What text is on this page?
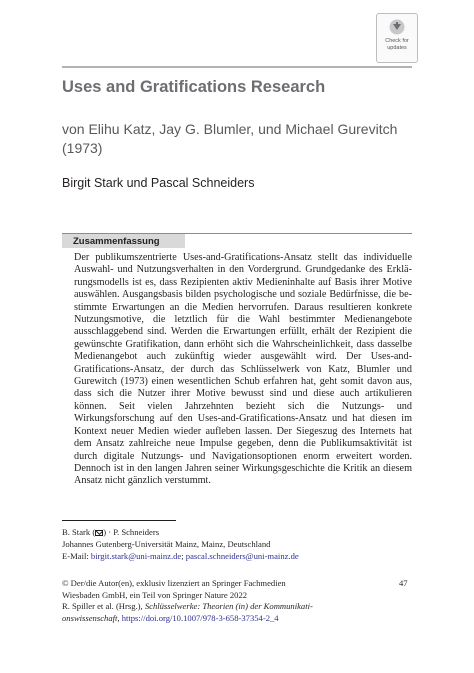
Check for
updates
Uses and Gratifications Research
von Elihu Katz, Jay G. Blumler, und Michael Gurevitch (1973)
Birgit Stark und Pascal Schneiders
Zusammenfassung

Der publikumszentrierte Uses-and-Gratifications-Ansatz stellt das individuelle Auswahl- und Nutzungsverhalten in den Vordergrund. Grundgedanke des Erklärungsmodells ist es, dass Rezipienten aktiv Medieninhalte auf Basis ihrer Motive auswählen. Ausgangsbasis bilden psychologische und soziale Bedürfnisse, die bestimmte Erwartungen an die Medien hervorrufen. Daraus resultieren konkrete Nutzungsmotive, die letztlich für die Wahl bestimmter Medienangebote ausschlaggebend sind. Werden die Erwartungen erfüllt, erhält der Rezipient die gewünschte Gratifikation, dann erhöht sich die Wahrscheinlichkeit, dass dasselbe Medienangebot auch zukünftig wieder ausgewählt wird. Der Uses-and-Gratifications-Ansatz, der durch das Schlüsselwerk von Katz, Blumler und Gurewitch (1973) einen wesentlichen Schub erfahren hat, geht somit davon aus, dass sich die Nutzer ihrer Motive bewusst sind und diese auch artikulieren können. Seit vielen Jahrzehnten bezieht sich die Nutzungs- und Wirkungsforschung auf den Uses-and-Gratifications-Ansatz und hat diesen im Kontext neuer Medien wieder aufleben lassen. Der Siegeszug des Internets hat dem Ansatz zahlreiche neue Impulse gegeben, denn die Publikumsaktivität ist durch digitale Nutzungs- und Navigationsoptionen enorm erweitert worden. Dennoch ist in den langen Jahren seiner Wirkungsgeschichte die Kritik an diesem Ansatz nicht gänzlich verstummt.

B. Stark ( ) · P. Schneiders
Johannes Gutenberg-Universität Mainz, Mainz, Deutschland
E-Mail: birgit.stark@uni-mainz.de; pascal.schneiders@uni-mainz.de
© Der/die Autor(en), exklusiv lizenziert an Springer Fachmedien
Wiesbaden GmbH, ein Teil von Springer Nature 2022
R. Spiller et al. (Hrsg.), Schlüsselwerke: Theorien (in) der Kommunikati-
onswissenschaft, https://doi.org/10.1007/978-3-658-37354-2_4
47
